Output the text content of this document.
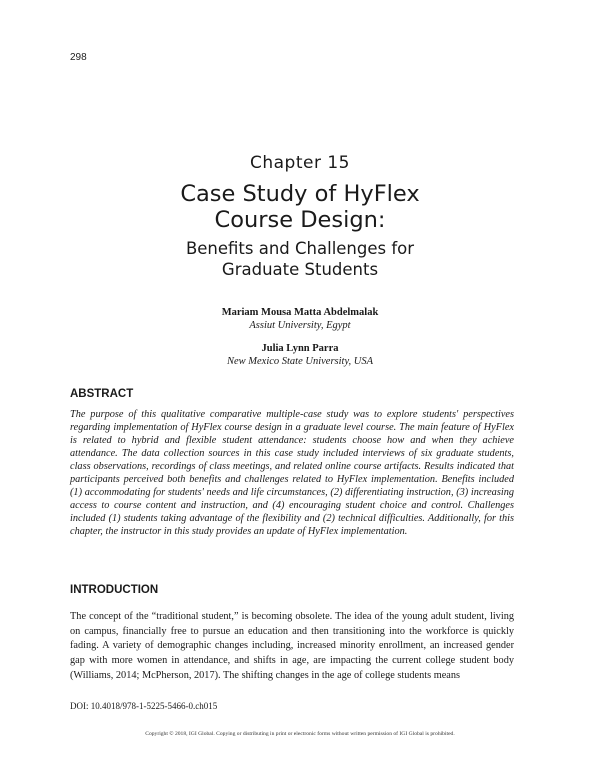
298
Chapter 15
Case Study of HyFlex
Course Design:
Benefits and Challenges for
Graduate Students
Mariam Mousa Matta Abdelmalak
Assiut University, Egypt
Julia Lynn Parra
New Mexico State University, USA
ABSTRACT

The purpose of this qualitative comparative multiple-case study was to explore students' perspectives regarding implementation of HyFlex course design in a graduate level course. The main feature of HyFlex is related to hybrid and flexible student attendance: students choose how and when they achieve attendance. The data collection sources in this case study included interviews of six graduate students, class observations, recordings of class meetings, and related online course artifacts. Results indicated that participants perceived both benefits and challenges related to HyFlex implementation. Benefits included (1) accommodating for students' needs and life circumstances, (2) differentiating instruction, (3) increasing access to course content and instruction, and (4) encouraging student choice and control. Challenges included (1) students taking advantage of the flexibility and (2) technical difficulties. Additionally, for this chapter, the instructor in this study provides an update of HyFlex implementation.

INTRODUCTION

The concept of the “traditional student,” is becoming obsolete. The idea of the young adult student, living on campus, financially free to pursue an education and then transitioning into the workforce is quickly fading. A variety of demographic changes including, increased minority enrollment, an increased gender gap with more women in attendance, and shifts in age, are impacting the current college student body (Williams, 2014; McPherson, 2017). The shifting changes in the age of college students means

DOI: 10.4018/978-1-5225-5466-0.ch015
Copyright © 2018, IGI Global. Copying or distributing in print or electronic forms without written permission of IGI Global is prohibited.
